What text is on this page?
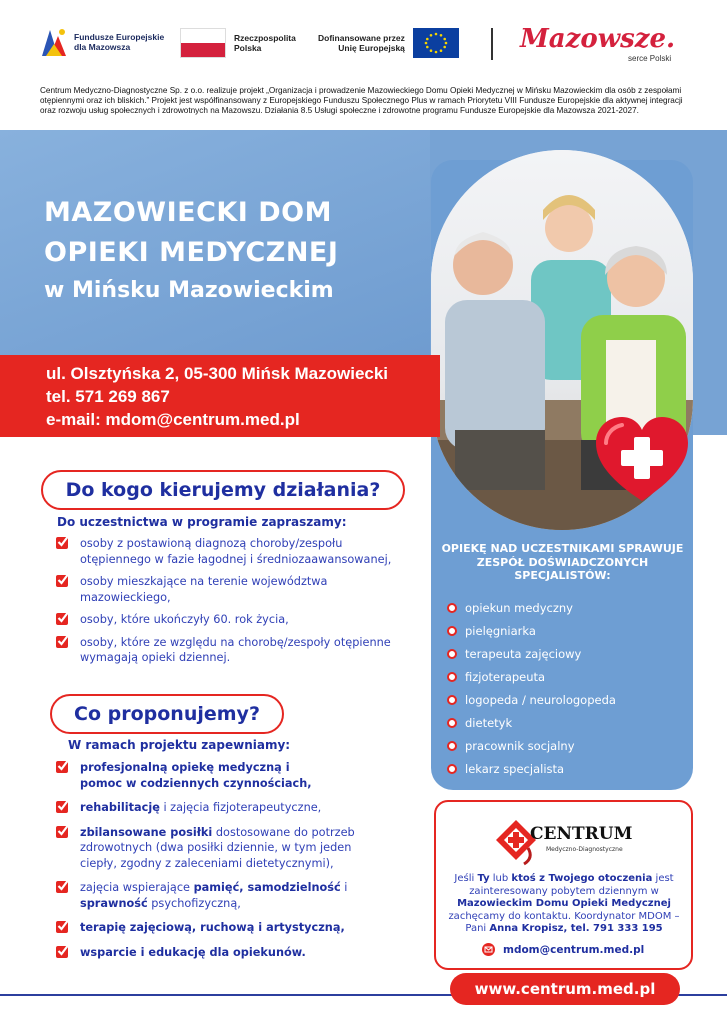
Fundusze Europejskie
dla Mazowsza
Rzeczpospolita
Polska
Dofinansowane przez
Unię Europejską	Mazowsze.
serce Polski
Centrum Medyczno-Diagnostyczne Sp. z o.o. realizuje projekt „Organizacja i prowadzenie Mazowieckiego Domu Opieki Medycznej w Mińsku Mazowieckim dla osób z zespołami otępiennymi oraz ich bliskich.” Projekt jest współfinansowany z Europejskiego Funduszu Społecznego Plus w ramach Priorytetu VIII Fundusze Europejskie dla aktywnej integracji oraz rozwoju usług społecznych i zdrowotnych na Mazowszu. Działania 8.5 Usługi społeczne i zdrowotne programu Fundusze Europejskie dla Mazowsza 2021-2027.
MAZOWIECKI DOM
OPIEKI MEDYCZNEJ
w Mińsku Mazowieckim
ul. Olsztyńska 2, 05-300 Mińsk Mazowiecki
tel. 571 269 867
e-mail: mdom@centrum.med.pl
Do kogo kierujemy działania?
Do uczestnictwa w programie zapraszamy:
osoby z postawioną diagnozą choroby/zespołu otępiennego w fazie łagodnej i średniozaawansowanej,
osoby mieszkające na terenie województwa mazowieckiego,
osoby, które ukończyły 60. rok życia,
osoby, które ze względu na chorobę/zespoły otępienne wymagają opieki dziennej.
Co proponujemy?
W ramach projektu zapewniamy:
profesjonalną opiekę medyczną i pomoc w codziennych czynnościach,
rehabilitację i zajęcia fizjoterapeutyczne,
zbilansowane posiłki dostosowane do potrzeb zdrowotnych (dwa posiłki dziennie, w tym jeden ciepły, zgodny z zaleceniami dietetycznymi),
zajęcia wspierające pamięć, samodzielność i sprawność psychofizyczną,
terapię zajęciową, ruchową i artystyczną,
wsparcie i edukację dla opiekunów.
OPIEKĘ NAD UCZESTNIKAMI SPRAWUJE ZESPÓŁ DOŚWIADCZONYCH SPECJALISTÓW:
opiekun medyczny
pielęgniarka
terapeuta zajęciowy
fizjoterapeuta
logopeda / neurologopeda
dietetyk
pracownik socjalny
lekarz specjalista
CENTRUM
Medyczno-Diagnostyczne
Jeśli Ty lub ktoś z Twojego otoczenia jest zainteresowany pobytem dziennym w Mazowieckim Domu Opieki Medycznej zachęcamy do kontaktu. Koordynator MDOM – Pani Anna Kropisz, tel. 791 333 195
mdom@centrum.med.pl
www.centrum.med.pl
